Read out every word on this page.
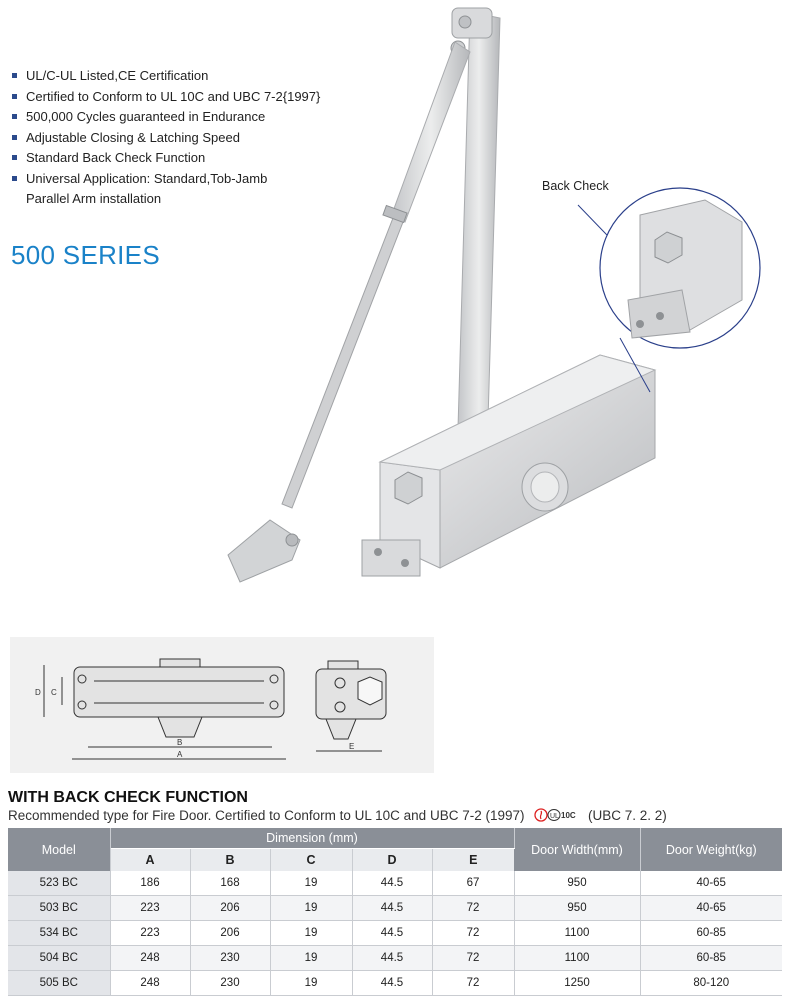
UL/C-UL Listed,CE Certification
Certified to Conform to UL 10C and UBC 7-2{1997}
500,000 Cycles guaranteed in Endurance
Adjustable Closing & Latching Speed
Standard Back Check Function
Universal Application: Standard,Tob-Jamb
Parallel Arm installation
500 SERIES
Back Check
D C
B
A
E
WITH BACK CHECK FUNCTION
Recommended type for Fire Door. Certified to Conform to UL 10C and UBC 7-2 (1997)	UL 10C (UBC 7. 2. 2)
Model	Dimension (mm)					Door Width(mm)	Door Weight(kg)
	A	B	C	D	E		
523 BC	186	168	19	44.5	67	950	40-65
503 BC	223	206	19	44.5	72	950	40-65
534 BC	223	206	19	44.5	72	1100	60-85
504 BC	248	230	19	44.5	72	1100	60-85
505 BC	248	230	19	44.5	72	1250	80-120
